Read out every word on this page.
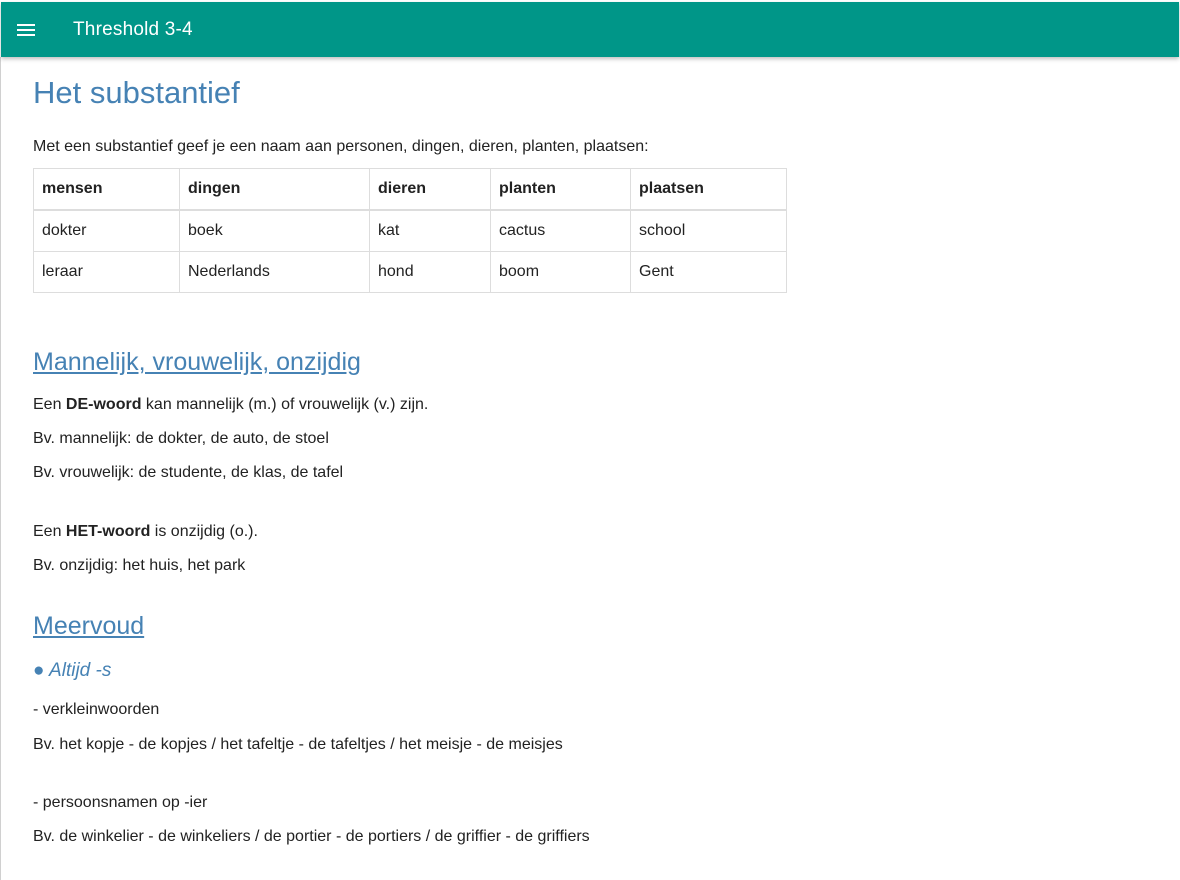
Threshold 3-4
Het substantief

Met een substantief geef je een naam aan personen, dingen, dieren, planten, plaatsen:

mensen	dingen	dieren	planten	plaatsen
dokter	boek	kat	cactus	school
leraar	Nederlands	hond	boom	Gent
Mannelijk, vrouwelijk, onzijdig

Een DE-woord kan mannelijk (m.) of vrouwelijk (v.) zijn.

Bv. mannelijk: de dokter, de auto, de stoel

Bv. vrouwelijk: de studente, de klas, de tafel

Een HET-woord is onzijdig (o.).

Bv. onzijdig: het huis, het park

Meervoud

● Altijd -s

- verkleinwoorden

Bv. het kopje - de kopjes / het tafeltje - de tafeltjes / het meisje - de meisjes

- persoonsnamen op -ier

Bv. de winkelier - de winkeliers / de portier - de portiers / de griffier - de griffiers
